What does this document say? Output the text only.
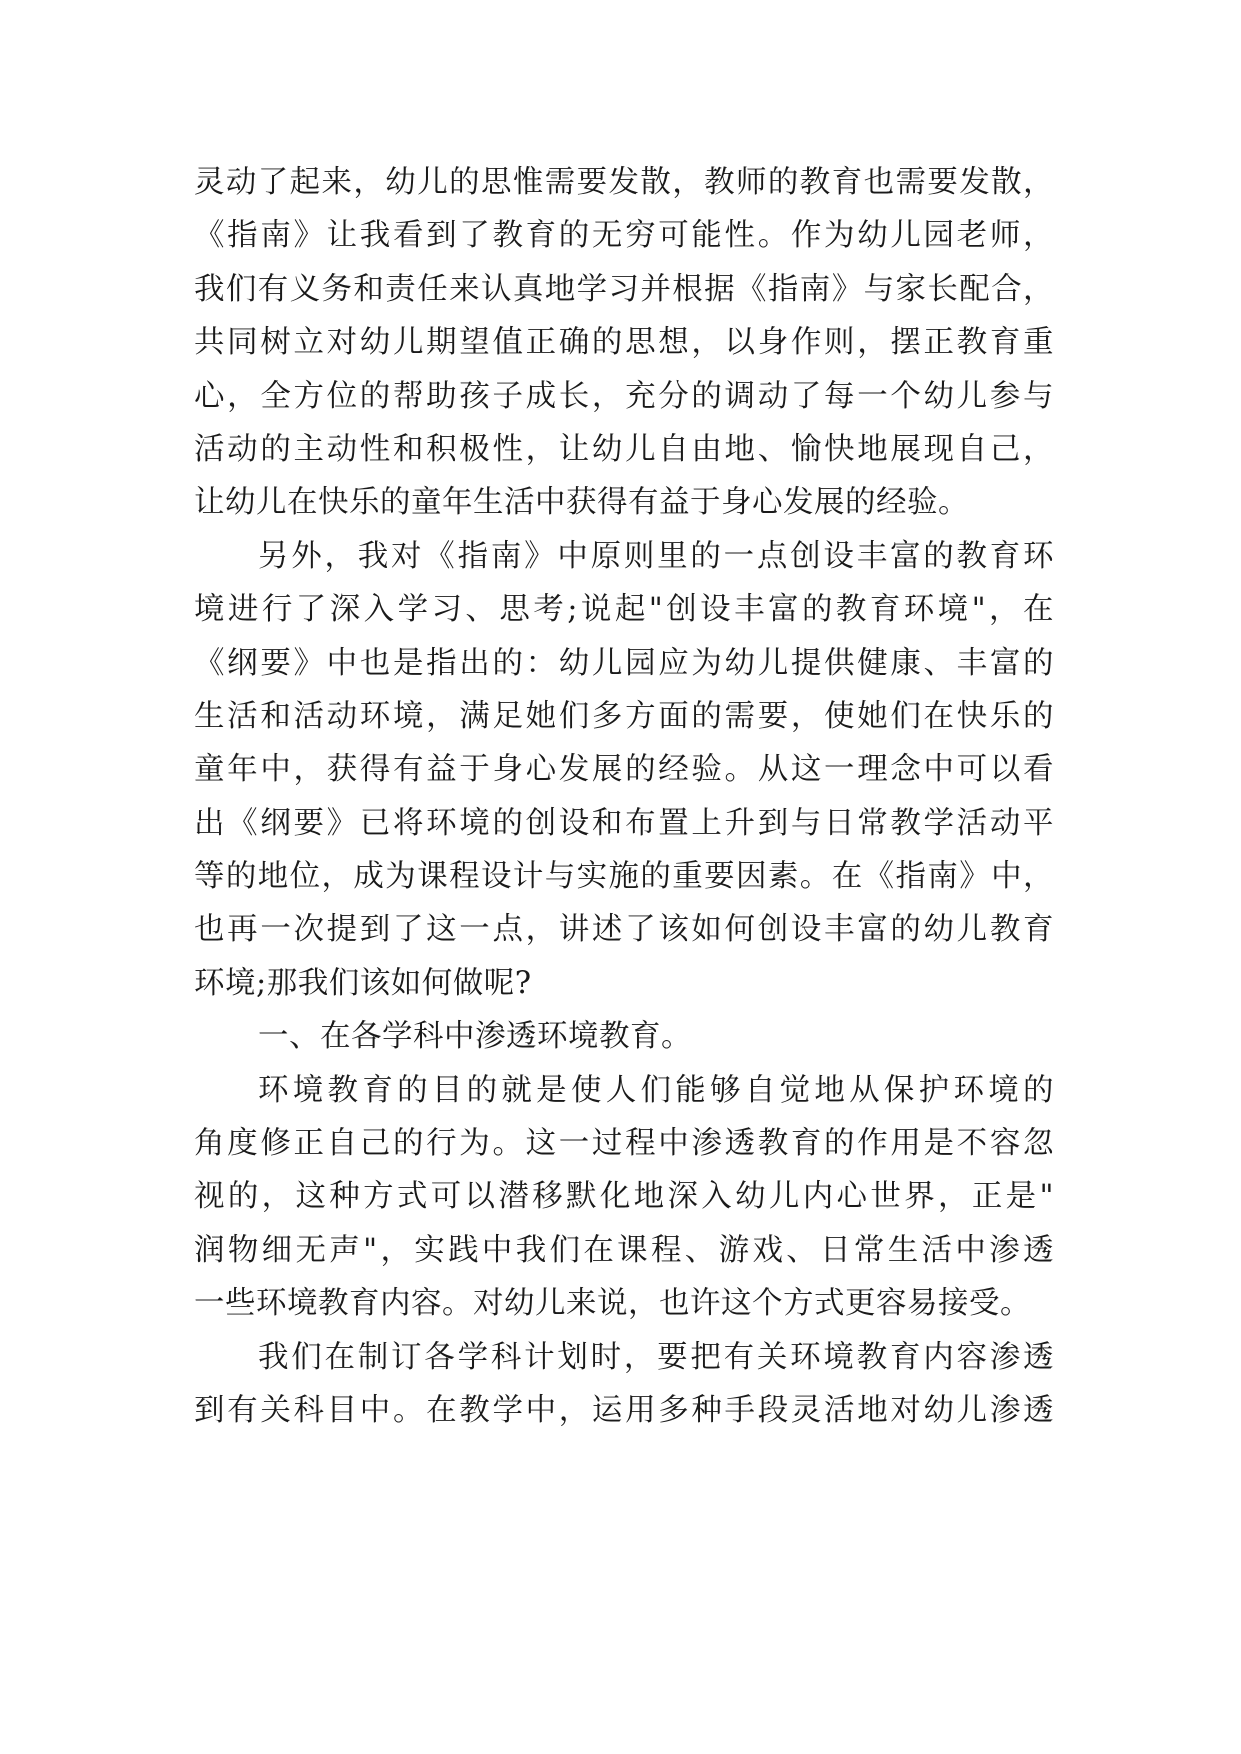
灵动了起来，幼儿的思惟需要发散，教师的教育也需要发散，
《指南》让我看到了教育的无穷可能性。作为幼儿园老师，
我们有义务和责任来认真地学习并根据《指南》与家长配合，
共同树立对幼儿期望值正确的思想，以身作则，摆正教育重
心，全方位的帮助孩子成长，充分的调动了每一个幼儿参与
活动的主动性和积极性，让幼儿自由地、愉快地展现自己，
让幼儿在快乐的童年生活中获得有益于身心发展的经验。
另外，我对《指南》中原则里的一点创设丰富的教育环
境进行了深入学习、思考;说起"创设丰富的教育环境"，在
《纲要》中也是指出的：幼儿园应为幼儿提供健康、丰富的
生活和活动环境，满足她们多方面的需要，使她们在快乐的
童年中，获得有益于身心发展的经验。从这一理念中可以看
出《纲要》已将环境的创设和布置上升到与日常教学活动平
等的地位，成为课程设计与实施的重要因素。在《指南》中，
也再一次提到了这一点，讲述了该如何创设丰富的幼儿教育
环境;那我们该如何做呢?
一、在各学科中渗透环境教育。
环境教育的目的就是使人们能够自觉地从保护环境的
角度修正自己的行为。这一过程中渗透教育的作用是不容忽
视的，这种方式可以潜移默化地深入幼儿内心世界，正是"
润物细无声"，实践中我们在课程、游戏、日常生活中渗透
一些环境教育内容。对幼儿来说，也许这个方式更容易接受。
我们在制订各学科计划时，要把有关环境教育内容渗透
到有关科目中。在教学中，运用多种手段灵活地对幼儿渗透
